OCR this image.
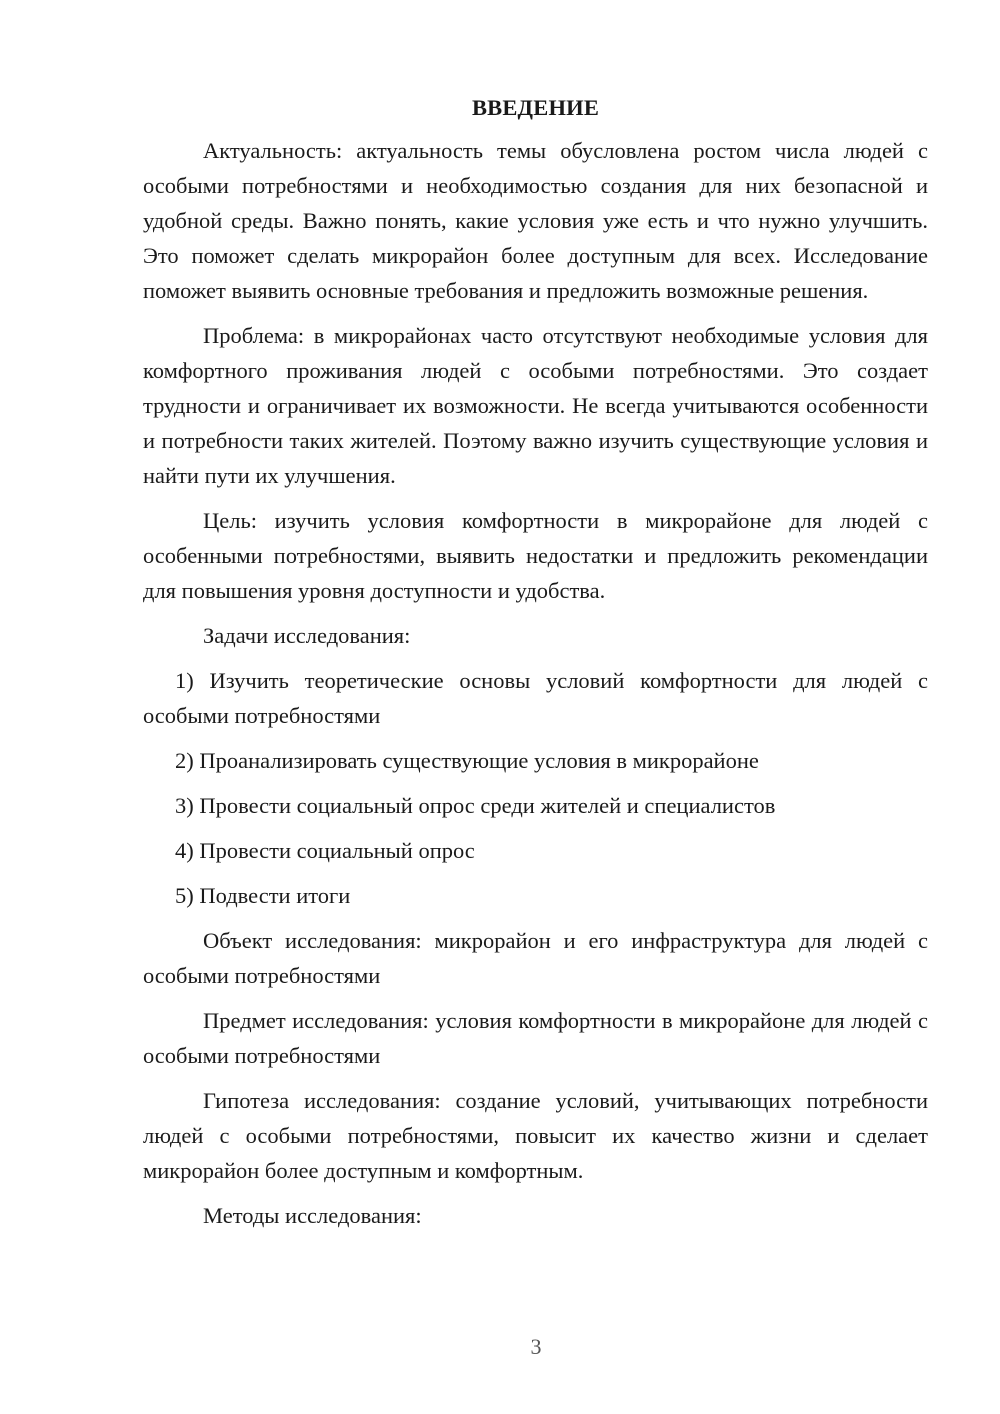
ВВЕДЕНИЕ

Актуальность: актуальность темы обусловлена ростом числа людей с особыми потребностями и необходимостью создания для них безопасной и удобной среды. Важно понять, какие условия уже есть и что нужно улучшить. Это поможет сделать микрорайон более доступным для всех. Исследование поможет выявить основные требования и предложить возможные решения.

Проблема: в микрорайонах часто отсутствуют необходимые условия для комфортного проживания людей с особыми потребностями. Это создает трудности и ограничивает их возможности. Не всегда учитываются особенности и потребности таких жителей. Поэтому важно изучить существующие условия и найти пути их улучшения.

Цель: изучить условия комфортности в микрорайоне для людей с особенными потребностями, выявить недостатки и предложить рекомендации для повышения уровня доступности и удобства.

Задачи исследования:

1) Изучить теоретические основы условий комфортности для людей с особыми потребностями

2) Проанализировать существующие условия в микрорайоне

3) Провести социальный опрос среди жителей и специалистов

4) Провести социальный опрос

5) Подвести итоги

Объект исследования: микрорайон и его инфраструктура для людей с особыми потребностями

Предмет исследования: условия комфортности в микрорайоне для людей с особыми потребностями

Гипотеза исследования: создание условий, учитывающих потребности людей с особыми потребностями, повысит их качество жизни и сделает микрорайон более доступным и комфортным.

Методы исследования:

3
